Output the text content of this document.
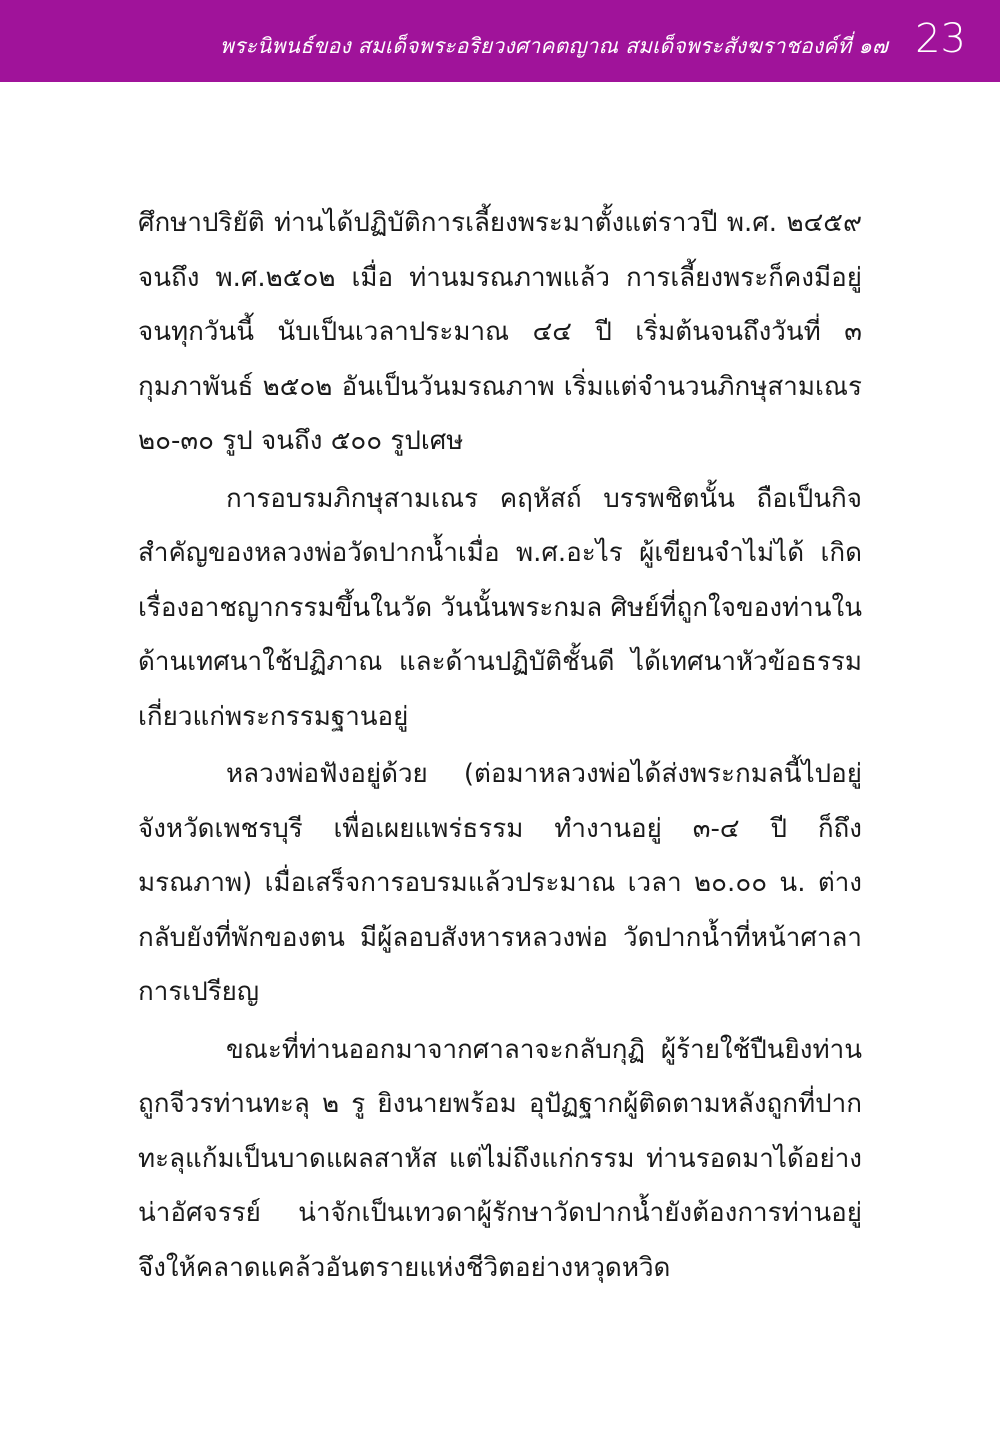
พระนิพนธ์ของ สมเด็จพระอริยวงศาคตญาณ สมเด็จพระสังฆราชองค์ที่ ๑๗ 23

ศึกษาปริยัติ ท่านได้ปฏิบัติการเลี้ยงพระมาตั้งแต่ราวปี พ.ศ. ๒๔๕๙ จนถึง พ.ศ.๒๕๐๒ เมื่อ ท่านมรณภาพแล้ว การเลี้ยงพระก็คงมีอยู่จนทุกวันนี้ นับเป็นเวลาประมาณ ๔๔ ปี เริ่มต้นจนถึงวันที่ ๓ กุมภาพันธ์ ๒๕๐๒ อันเป็นวันมรณภาพ เริ่มแต่จำนวนภิกษุสามเณร ๒๐-๓๐ รูป จนถึง ๕๐๐ รูปเศษ

การอบรมภิกษุสามเณร คฤหัสถ์ บรรพชิตนั้น ถือเป็นกิจสำคัญของหลวงพ่อวัดปากน้ำเมื่อ พ.ศ.อะไร ผู้เขียนจำไม่ได้ เกิดเรื่องอาชญากรรมขึ้นในวัด วันนั้นพระกมล ศิษย์ที่ถูกใจของท่านในด้านเทศนาใช้ปฏิภาณ และด้านปฏิบัติชั้นดี ได้เทศนาหัวข้อธรรมเกี่ยวแก่พระกรรมฐานอยู่

หลวงพ่อฟังอยู่ด้วย (ต่อมาหลวงพ่อได้ส่งพระกมลนี้ไปอยู่จังหวัดเพชรบุรี เพื่อเผยแพร่ธรรม ทำงานอยู่ ๓-๔ ปี ก็ถึงมรณภาพ) เมื่อเสร็จการอบรมแล้วประมาณ เวลา ๒๐.๐๐ น. ต่างกลับยังที่พักของตน มีผู้ลอบสังหารหลวงพ่อ วัดปากน้ำที่หน้าศาลาการเปรียญ

ขณะที่ท่านออกมาจากศาลาจะกลับกุฏิ ผู้ร้ายใช้ปืนยิงท่านถูกจีวรท่านทะลุ ๒ รู ยิงนายพร้อม อุปัฏฐากผู้ติดตามหลังถูกที่ปากทะลุแก้มเป็นบาดแผลสาหัส แต่ไม่ถึงแก่กรรม ท่านรอดมาได้อย่างน่าอัศจรรย์ น่าจักเป็นเทวดาผู้รักษาวัดปากน้ำยังต้องการท่านอยู่ จึงให้คลาดแคล้วอันตรายแห่งชีวิตอย่างหวุดหวิด
